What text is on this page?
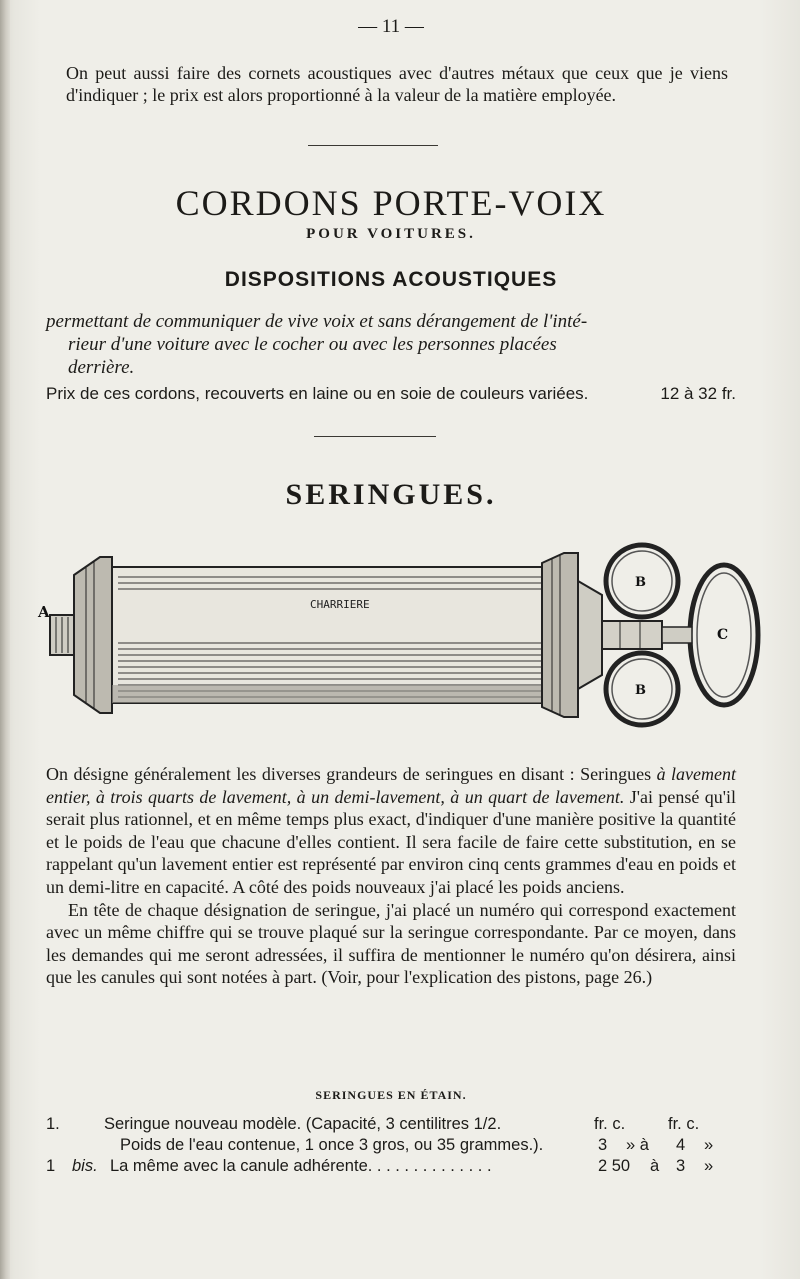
— 11 —

On peut aussi faire des cornets acoustiques avec d'autres métaux que ceux que je viens d'indiquer ; le prix est alors proportionné à la valeur de la matière employée.

CORDONS PORTE-VOIX
POUR VOITURES.
DISPOSITIONS ACOUSTIQUES
permettant de communiquer de vive voix et sans dérangement de l'inté-
rieur d'une voiture avec le cocher ou avec les personnes placées
derrière.
Prix de ces cordons, recouverts en laine ou en soie de couleurs variées.	12 à 32 fr.
SERINGUES.
CHARRIERE
A
B
B
C

On désigne généralement les diverses grandeurs de seringues en disant : Seringues à lavement entier, à trois quarts de lavement, à un demi-lavement, à un quart de lavement. J'ai pensé qu'il serait plus rationnel, et en même temps plus exact, d'indiquer d'une manière positive la quantité et le poids de l'eau que chacune d'elles contient. Il sera facile de faire cette substitution, en se rappelant qu'un lavement entier est représenté par environ cinq cents grammes d'eau en poids et un demi-litre en capacité. A côté des poids nouveaux j'ai placé les poids anciens.

En tête de chaque désignation de seringue, j'ai placé un numéro qui correspond exactement avec un même chiffre qui se trouve plaqué sur la seringue correspondante. Par ce moyen, dans les demandes qui me seront adressées, il suffira de mentionner le numéro qu'on désirera, ainsi que les canules qui sont notées à part. (Voir, pour l'explication des pistons, page 26.)

SERINGUES EN ÉTAIN.
1.	Seringue nouveau modèle. (Capacité, 3 centilitres 1/2.	fr. c.	fr. c.
Poids de l'eau contenue, 1 once 3 gros, ou 35 grammes.).	3 » à 4 »
1 bis. La même avec la canule adhérente. . . . . . . . . . . . . .	2 50 à 3 »
